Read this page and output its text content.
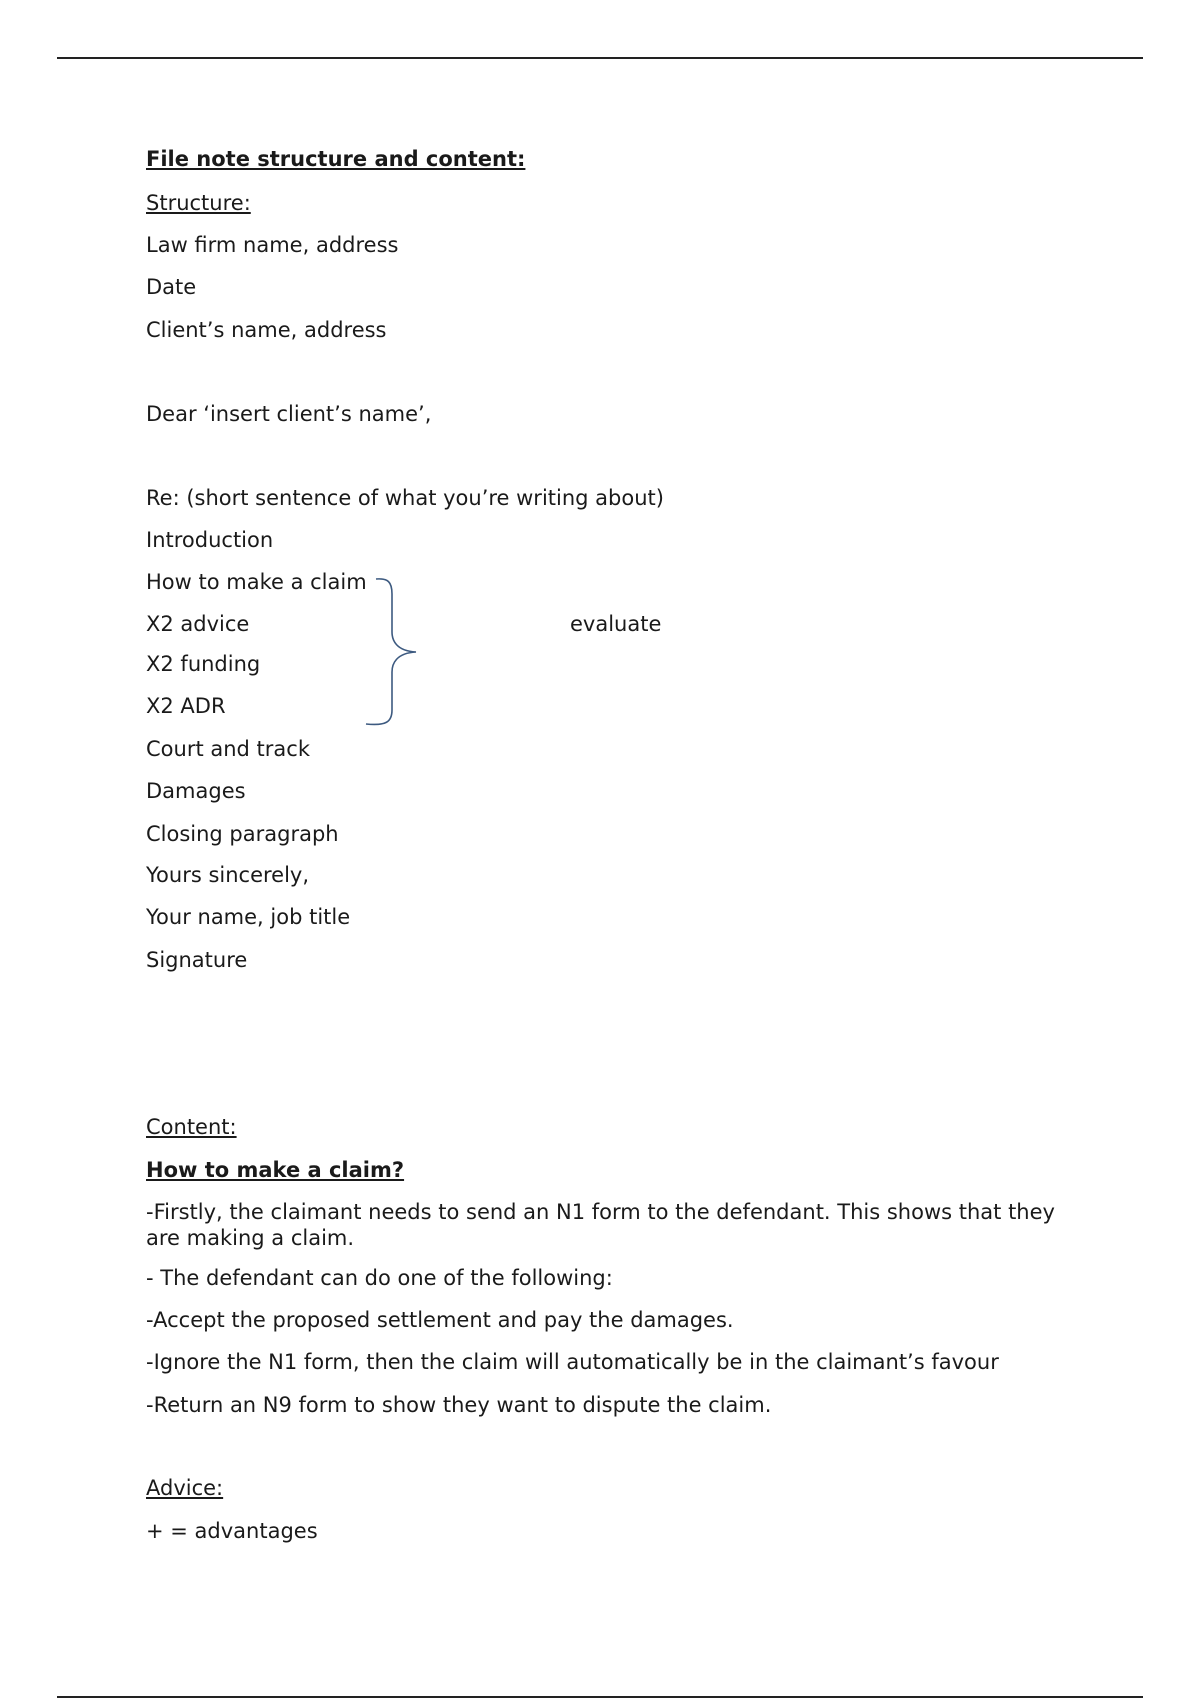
File note structure and content:
Structure:
Law firm name, address
Date
Client’s name, address
Dear ‘insert client’s name’,
Re: (short sentence of what you’re writing about)
Introduction
How to make a claim
X2 advice
X2 funding
X2 ADR
evaluate
Court and track
Damages
Closing paragraph
Yours sincerely,
Your name, job title
Signature
Content:
How to make a claim?
-Firstly, the claimant needs to send an N1 form to the defendant. This shows that they are making a claim.
- The defendant can do one of the following:
-Accept the proposed settlement and pay the damages.
-Ignore the N1 form, then the claim will automatically be in the claimant’s favour
-Return an N9 form to show they want to dispute the claim.
Advice:
+ = advantages
